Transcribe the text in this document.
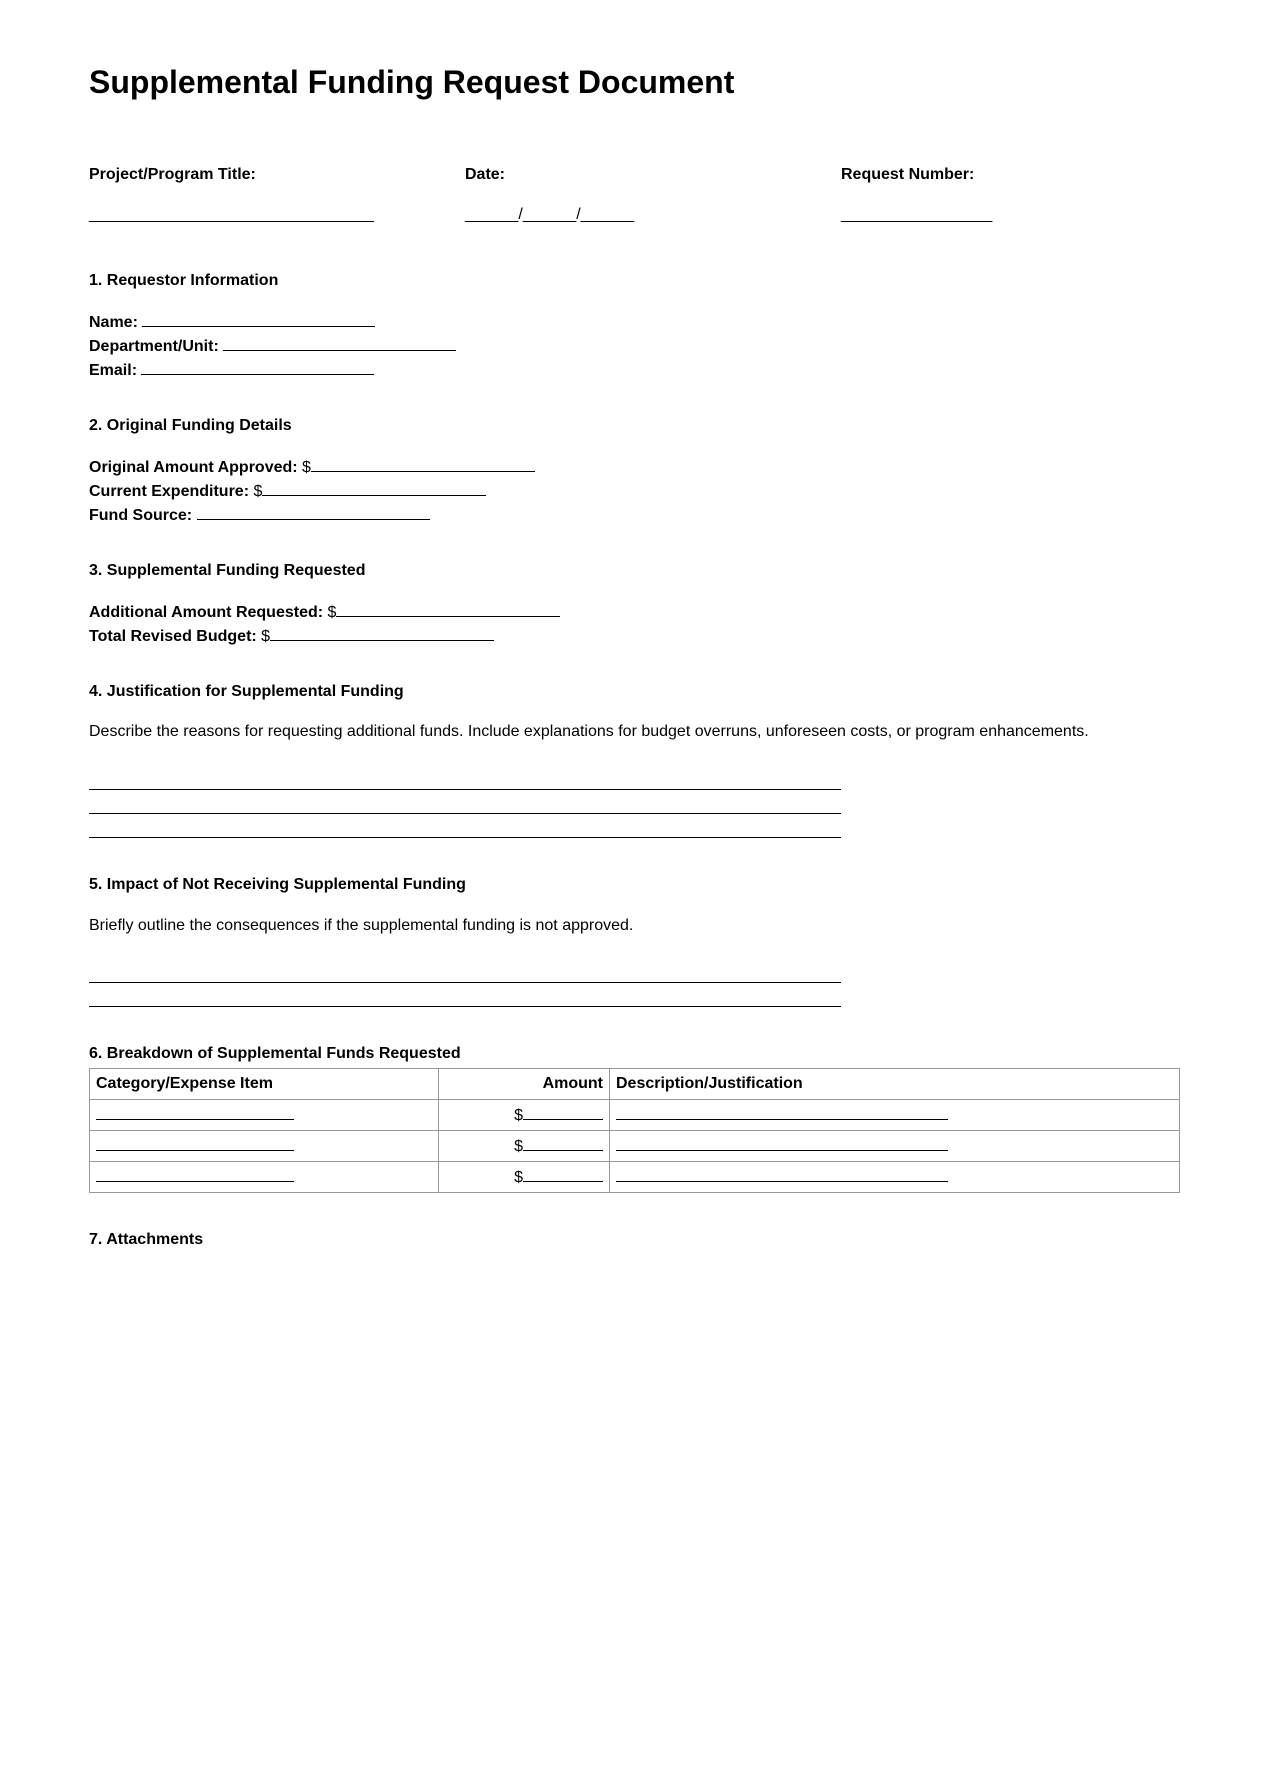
Supplemental Funding Request Document
Project/Program Title:	Date:	Request Number:
________________________________	______/______/______	_________________
1. Requestor Information
Name:
Department/Unit:
Email:
2. Original Funding Details
Original Amount Approved: $
Current Expenditure: $
Fund Source:
3. Supplemental Funding Requested
Additional Amount Requested: $
Total Revised Budget: $
4. Justification for Supplemental Funding
Describe the reasons for requesting additional funds. Include explanations for budget overruns, unforeseen costs, or program enhancements.
5. Impact of Not Receiving Supplemental Funding
Briefly outline the consequences if the supplemental funding is not approved.
6. Breakdown of Supplemental Funds Requested
Category/Expense Item	Amount	Description/Justification
	$	
	$	
	$	
7. Attachments
